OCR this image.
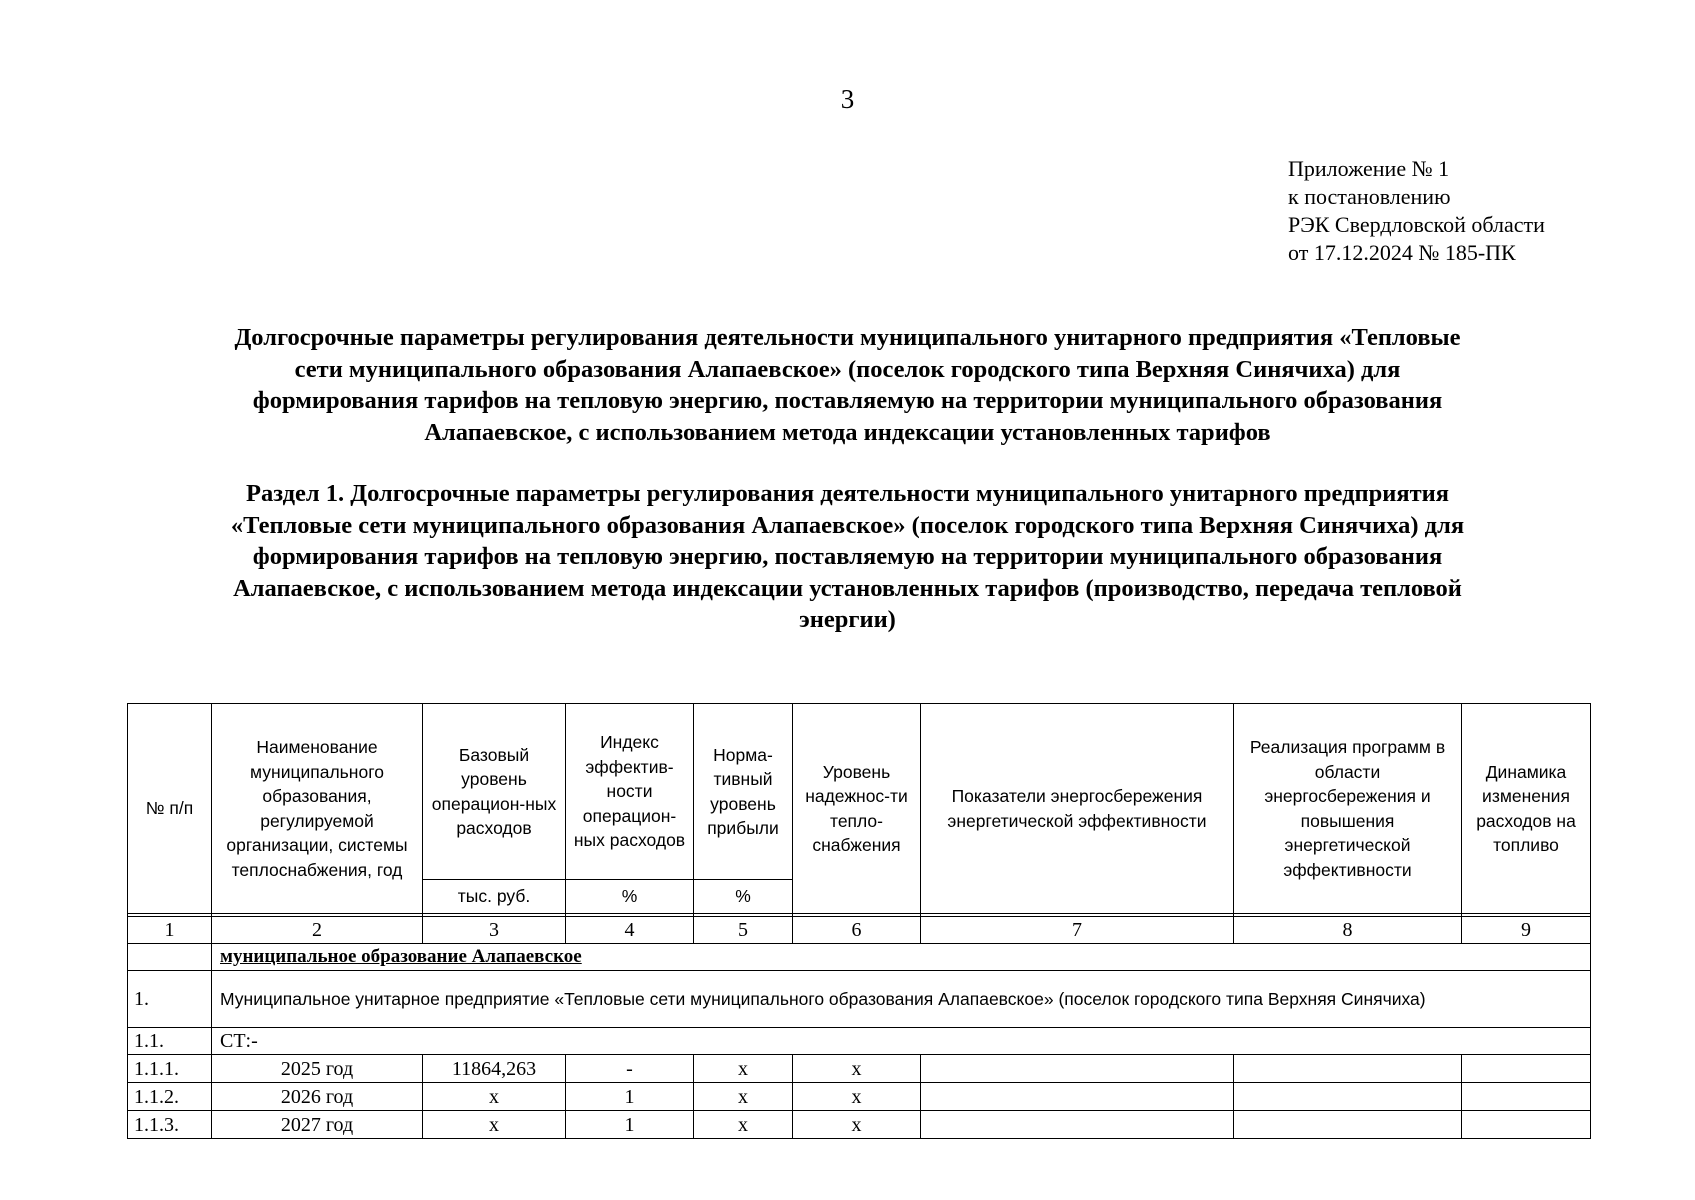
3
Приложение № 1
к постановлению
РЭК Свердловской области
от 17.12.2024 № 185-ПК
Долгосрочные параметры регулирования деятельности муниципального унитарного предприятия «Тепловые
сети муниципального образования Алапаевское» (поселок городского типа Верхняя Синячиха) для
формирования тарифов на тепловую энергию, поставляемую на территории муниципального образования
Алапаевское, с использованием метода индексации установленных тарифов
Раздел 1. Долгосрочные параметры регулирования деятельности муниципального унитарного предприятия
«Тепловые сети муниципального образования Алапаевское» (поселок городского типа Верхняя Синячиха) для
формирования тарифов на тепловую энергию, поставляемую на территории муниципального образования
Алапаевское, с использованием метода индексации установленных тарифов (производство, передача тепловой
энергии)
№ п/п	Наименование муниципального образования, регулируемой организации, системы теплоснабжения, год	Базовый уровень операцион-ных расходов	Индекс эффектив-ности операцион-ных расходов	Норма-тивный уровень прибыли	Уровень надежнос-ти тепло-снабжения	Показатели энергосбережения энергетической эффективности	Реализация программ в области энергосбережения и повышения энергетической эффективности	Динамика изменения расходов на топливо
		тыс. руб.	%	%				

1	2	3	4	5	6	7	8	9
	муниципальное образование Алапаевское							
1.	Муниципальное унитарное предприятие «Тепловые сети муниципального образования Алапаевское» (поселок городского типа Верхняя Синячиха)							
1.1.	СТ:-							
1.1.1.	2025 год	11864,263	-	x	x			
1.1.2.	2026 год	x	1	x	x			
1.1.3.	2027 год	x	1	x	x			
